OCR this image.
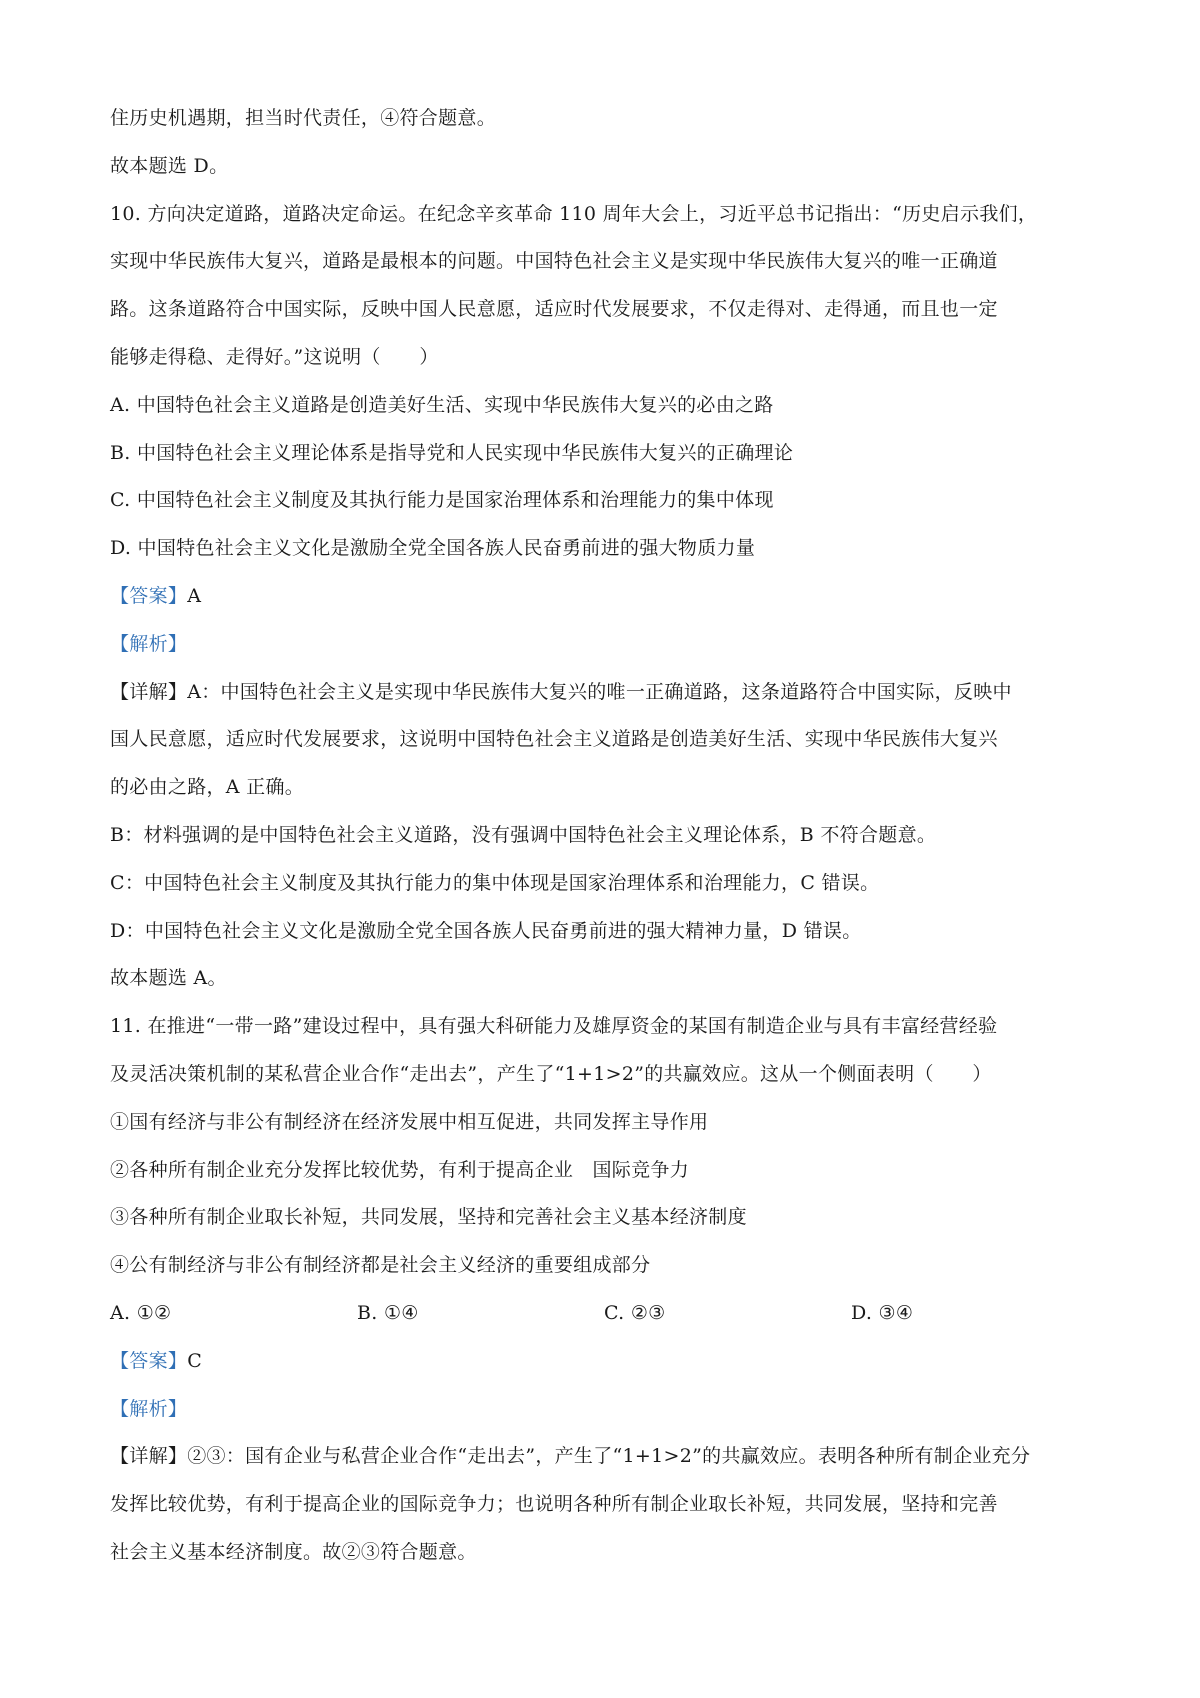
住历史机遇期，担当时代责任，④符合题意。
故本题选 D。
10. 方向决定道路，道路决定命运。在纪念辛亥革命 110 周年大会上，习近平总书记指出：“历史启示我们，
实现中华民族伟大复兴，道路是最根本的问题。中国特色社会主义是实现中华民族伟大复兴的唯一正确道
路。这条道路符合中国实际，反映中国人民意愿，适应时代发展要求，不仅走得对、走得通，而且也一定
能够走得稳、走得好。”这说明（　　）
A. 中国特色社会主义道路是创造美好生活、实现中华民族伟大复兴的必由之路
B. 中国特色社会主义理论体系是指导党和人民实现中华民族伟大复兴的正确理论
C. 中国特色社会主义制度及其执行能力是国家治理体系和治理能力的集中体现
D. 中国特色社会主义文化是激励全党全国各族人民奋勇前进的强大物质力量
【答案】A
【解析】
【详解】A：中国特色社会主义是实现中华民族伟大复兴的唯一正确道路，这条道路符合中国实际，反映中
国人民意愿，适应时代发展要求，这说明中国特色社会主义道路是创造美好生活、实现中华民族伟大复兴
的必由之路，A 正确。
B：材料强调的是中国特色社会主义道路，没有强调中国特色社会主义理论体系，B 不符合题意。
C：中国特色社会主义制度及其执行能力的集中体现是国家治理体系和治理能力，C 错误。
D：中国特色社会主义文化是激励全党全国各族人民奋勇前进的强大精神力量，D 错误。
故本题选 A。
11. 在推进“一带一路”建设过程中，具有强大科研能力及雄厚资金的某国有制造企业与具有丰富经营经验
及灵活决策机制的某私营企业合作“走出去”，产生了“1+1>2”的共赢效应。这从一个侧面表明（　　）
①国有经济与非公有制经济在经济发展中相互促进，共同发挥主导作用
②各种所有制企业充分发挥比较优势，有利于提高企业　国际竞争力
③各种所有制企业取长补短，共同发展，坚持和完善社会主义基本经济制度
④公有制经济与非公有制经济都是社会主义经济的重要组成部分
A. ①②	B. ①④	C. ②③	D. ③④
【答案】C
【解析】
【详解】②③：国有企业与私营企业合作“走出去”，产生了“1+1>2”的共赢效应。表明各种所有制企业充分
发挥比较优势，有利于提高企业的国际竞争力；也说明各种所有制企业取长补短，共同发展，坚持和完善
社会主义基本经济制度。故②③符合题意。
